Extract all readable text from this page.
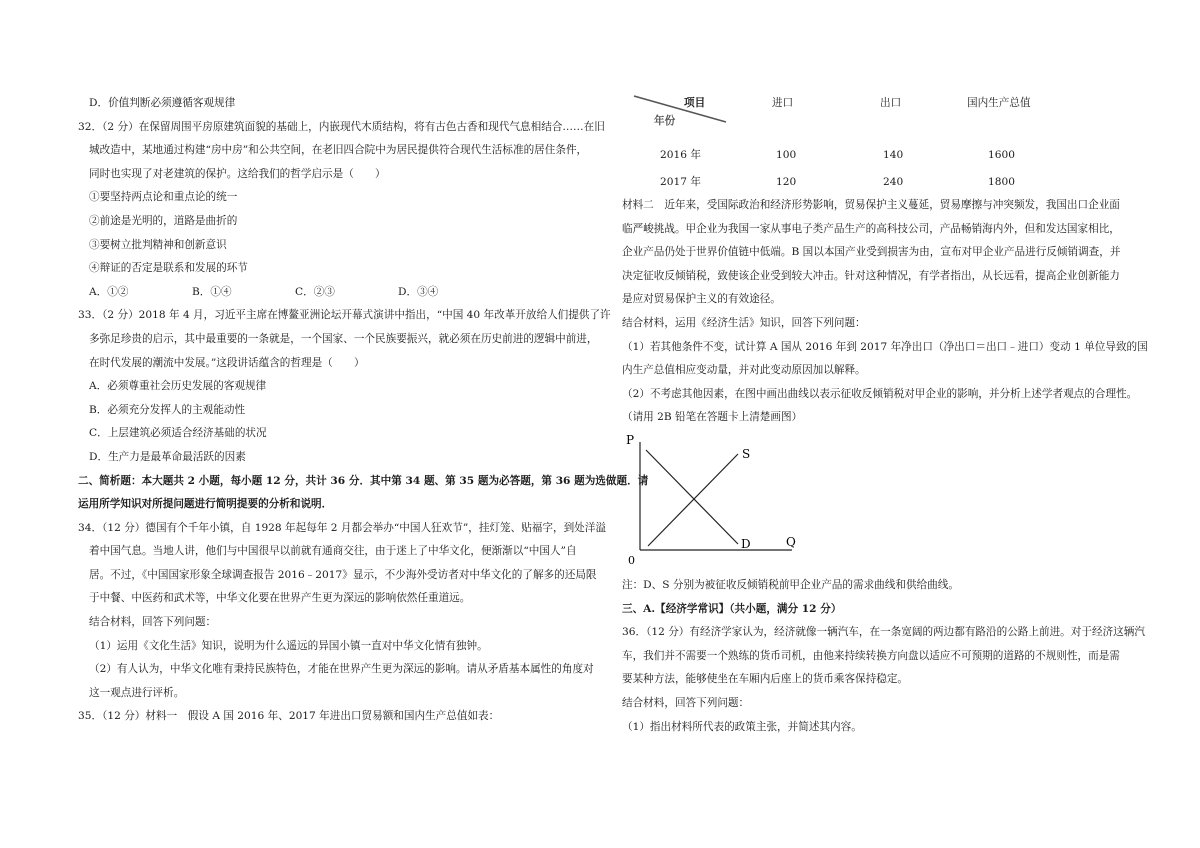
D．价值判断必须遵循客观规律

32．（2 分）在保留周围平房原建筑面貌的基础上，内嵌现代木质结构，将有古色古香和现代气息相结合……在旧

城改造中，某地通过构建“房中房”和公共空间，在老旧四合院中为居民提供符合现代生活标准的居住条件，

同时也实现了对老建筑的保护。这给我们的哲学启示是（　　）

①要坚持两点论和重点论的统一

②前途是光明的，道路是曲折的

③要树立批判精神和创新意识

④辩证的否定是联系和发展的环节

A．①②	B．①④	C．②③	D．③④

33．（2 分）2018 年 4 月，习近平主席在博鳌亚洲论坛开幕式演讲中指出，“中国 40 年改革开放给人们提供了许

多弥足珍贵的启示，其中最重要的一条就是，一个国家、一个民族要振兴，就必须在历史前进的逻辑中前进，

在时代发展的潮流中发展。”这段讲话蕴含的哲理是（　　）

A．必须尊重社会历史发展的客观规律

B．必须充分发挥人的主观能动性

C．上层建筑必须适合经济基础的状况

D．生产力是最革命最活跃的因素

二、简析题：本大题共 2 小题，每小题 12 分，共计 36 分．其中第 34 题、第 35 题为必答题，第 36 题为选做题．请

运用所学知识对所提问题进行简明提要的分析和说明．

34．（12 分）德国有个千年小镇，自 1928 年起每年 2 月都会举办“中国人狂欢节”，挂灯笼、贴福字，到处洋溢

着中国气息。当地人讲，他们与中国很早以前就有通商交往，由于迷上了中华文化，便渐渐以“中国人”自

居。不过，《中国国家形象全球调查报告 2016﹣2017》显示，不少海外受访者对中华文化的了解多的还局限

于中餐、中医药和武术等，中华文化要在世界产生更为深远的影响依然任重道远。

结合材料，回答下列问题：

（1）运用《文化生活》知识，说明为什么遥远的异国小镇一直对中华文化情有独钟。

（2）有人认为，中华文化唯有秉持民族特色，才能在世界产生更为深远的影响。请从矛盾基本属性的角度对

这一观点进行评析。

35．（12 分）材料一　假设 A 国 2016 年、2017 年进出口贸易额和国内生产总值如表：

项目
年份
进口	出口	国内生产总值
2016 年	100	140	1600
2017 年	120	240	1800

材料二　近年来，受国际政治和经济形势影响，贸易保护主义蔓延，贸易摩擦与冲突频发，我国出口企业面

临严峻挑战。甲企业为我国一家从事电子类产品生产的高科技公司，产品畅销海内外，但和发达国家相比，

企业产品仍处于世界价值链中低端。B 国以本国产业受到损害为由，宣布对甲企业产品进行反倾销调查，并

决定征收反倾销税，致使该企业受到较大冲击。针对这种情况，有学者指出，从长远看，提高企业创新能力

是应对贸易保护主义的有效途径。

结合材料，运用《经济生活》知识，回答下列问题：

（1）若其他条件不变，试计算 A 国从 2016 年到 2017 年净出口（净出口＝出口﹣进口）变动 1 单位导致的国

内生产总值相应变动量，并对此变动原因加以解释。

（2）不考虑其他因素，在图中画出曲线以表示征收反倾销税对甲企业的影响，并分析上述学者观点的合理性。

（请用 2B 铅笔在答题卡上清楚画图）

P
Q
0
S
D

注：D、S 分别为被征收反倾销税前甲企业产品的需求曲线和供给曲线。

三、A.【经济学常识】（共小题，满分 12 分）

36．（12 分）有经济学家认为，经济就像一辆汽车，在一条宽阔的两边都有路沿的公路上前进。对于经济这辆汽

车，我们并不需要一个熟练的货币司机，由他来持续转换方向盘以适应不可预期的道路的不规则性，而是需

要某种方法，能够使坐在车厢内后座上的货币乘客保持稳定。

结合材料，回答下列问题：

（1）指出材料所代表的政策主张，并简述其内容。
